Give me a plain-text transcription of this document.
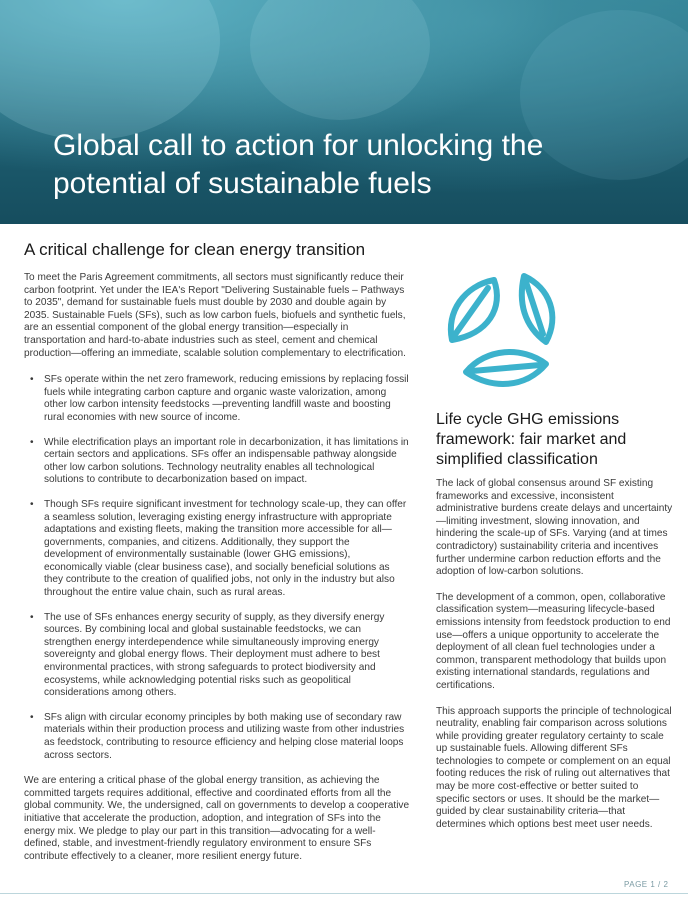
Global call to action for unlocking the potential of sustainable fuels
A critical challenge for clean energy transition

To meet the Paris Agreement commitments, all sectors must significantly reduce their carbon footprint. Yet under the IEA's Report "Delivering Sustainable fuels – Pathways to 2035", demand for sustainable fuels must double by 2030 and double again by 2035. Sustainable Fuels (SFs), such as low carbon fuels, biofuels and synthetic fuels, are an essential component of the global energy transition—especially in transportation and hard-to-abate industries such as steel, cement and chemical production—offering an immediate, scalable solution complementary to electrification.

• SFs operate within the net zero framework, reducing emissions by replacing fossil fuels while integrating carbon capture and organic waste valorization, among other low carbon intensity feedstocks —preventing landfill waste and boosting rural economies with new source of income.
• While electrification plays an important role in decarbonization, it has limitations in certain sectors and applications. SFs offer an indispensable pathway alongside other low carbon solutions. Technology neutrality enables all technological solutions to contribute to decarbonization based on impact.
• Though SFs require significant investment for technology scale-up, they can offer a seamless solution, leveraging existing energy infrastructure with appropriate adaptations and existing fleets, making the transition more accessible for all—governments, companies, and citizens. Additionally, they support the development of environmentally sustainable (lower GHG emissions), economically viable (clear business case), and socially beneficial solutions as they contribute to the creation of qualified jobs, not only in the industry but also throughout the entire value chain, such as rural areas.
• The use of SFs enhances energy security of supply, as they diversify energy sources. By combining local and global sustainable feedstocks, we can strengthen energy interdependence while simultaneously improving energy sovereignty and global energy flows. Their deployment must adhere to best environmental practices, with strong safeguards to protect biodiversity and ecosystems, while acknowledging potential risks such as geopolitical considerations among others.
• SFs align with circular economy principles by both making use of secondary raw materials within their production process and utilizing waste from other industries as feedstock, contributing to resource efficiency and helping close material loops across sectors.

We are entering a critical phase of the global energy transition, as achieving the committed targets requires additional, effective and coordinated efforts from all the global community. We, the undersigned, call on governments to develop a cooperative initiative that accelerate the production, adoption, and integration of SFs into the energy mix. We pledge to play our part in this transition—advocating for a well-defined, stable, and investment-friendly regulatory environment to ensure SFs contribute effectively to a cleaner, more resilient energy future.

Life cycle GHG emissions framework: fair market and simplified classification

The lack of global consensus around SF existing frameworks and excessive, inconsistent administrative burdens create delays and uncertainty—limiting investment, slowing innovation, and hindering the scale-up of SFs. Varying (and at times contradictory) sustainability criteria and incentives further undermine carbon reduction efforts and the adoption of low-carbon solutions.

The development of a common, open, collaborative classification system—measuring lifecycle-based emissions intensity from feedstock production to end use—offers a unique opportunity to accelerate the deployment of all clean fuel technologies under a common, transparent methodology that builds upon existing international standards, regulations and certifications.

This approach supports the principle of technological neutrality, enabling fair comparison across solutions while providing greater regulatory certainty to scale up sustainable fuels. Allowing different SFs technologies to compete or complement on an equal footing reduces the risk of ruling out alternatives that may be more cost-effective or better suited to specific sectors or uses. It should be the market—guided by clear sustainability criteria—that determines which options best meet user needs.

PAGE 1 / 2
